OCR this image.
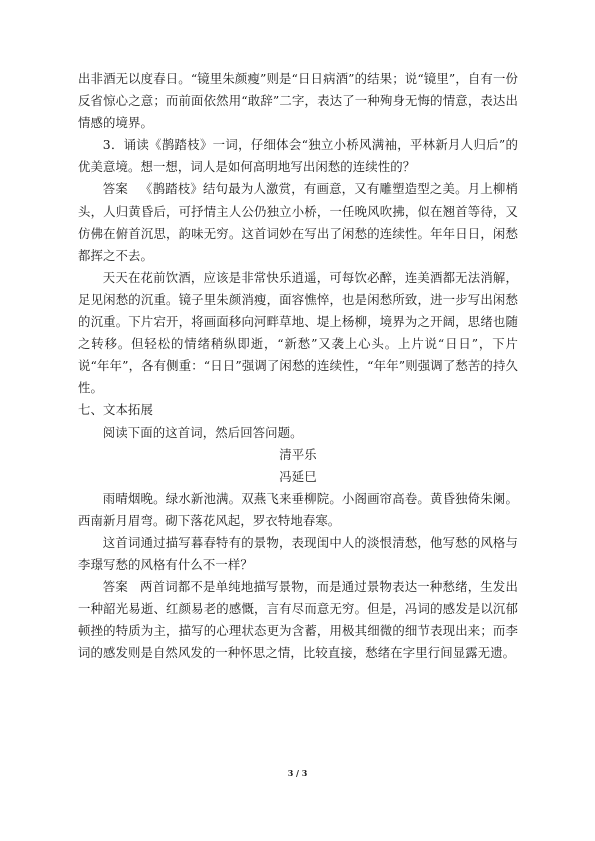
出非酒无以度春日。“镜里朱颜瘦”则是“日日病酒”的结果；说“镜里”，自有一份反省惊心之意；而前面依然用“敢辞”二字，表达了一种殉身无悔的情意，表达出情感的境界。

3．诵读《鹊踏枝》一词，仔细体会“独立小桥风满袖，平林新月人归后”的优美意境。想一想，词人是如何高明地写出闲愁的连续性的？

答案 《鹊踏枝》结句最为人激赏，有画意，又有雕塑造型之美。月上柳梢头，人归黄昏后，可抒情主人公仍独立小桥，一任晚风吹拂，似在翘首等待，又仿佛在俯首沉思，韵味无穷。这首词妙在写出了闲愁的连续性。年年日日，闲愁都挥之不去。

天天在花前饮酒，应该是非常快乐逍遥，可每饮必醉，连美酒都无法消解，足见闲愁的沉重。镜子里朱颜消瘦，面容憔悴，也是闲愁所致，进一步写出闲愁的沉重。下片宕开，将画面移向河畔草地、堤上杨柳，境界为之开阔，思绪也随之转移。但轻松的情绪稍纵即逝，“新愁”又袭上心头。上片说“日日”，下片说“年年”，各有侧重：“日日”强调了闲愁的连续性，“年年”则强调了愁苦的持久性。

七、文本拓展

阅读下面的这首词，然后回答问题。

清平乐

冯延巳

雨晴烟晚。绿水新池满。双燕飞来垂柳院。小阁画帘高卷。黄昏独倚朱阑。西南新月眉弯。砌下落花风起，罗衣特地春寒。

这首词通过描写暮春特有的景物，表现闺中人的淡恨清愁，他写愁的风格与李璟写愁的风格有什么不一样？

答案 两首词都不是单纯地描写景物，而是通过景物表达一种愁绪，生发出一种韶光易逝、红颜易老的感慨，言有尽而意无穷。但是，冯词的感发是以沉郁顿挫的特质为主，描写的心理状态更为含蓄，用极其细微的细节表现出来；而李词的感发则是自然风发的一种怀思之情，比较直接，愁绪在字里行间显露无遗。

3 / 3
